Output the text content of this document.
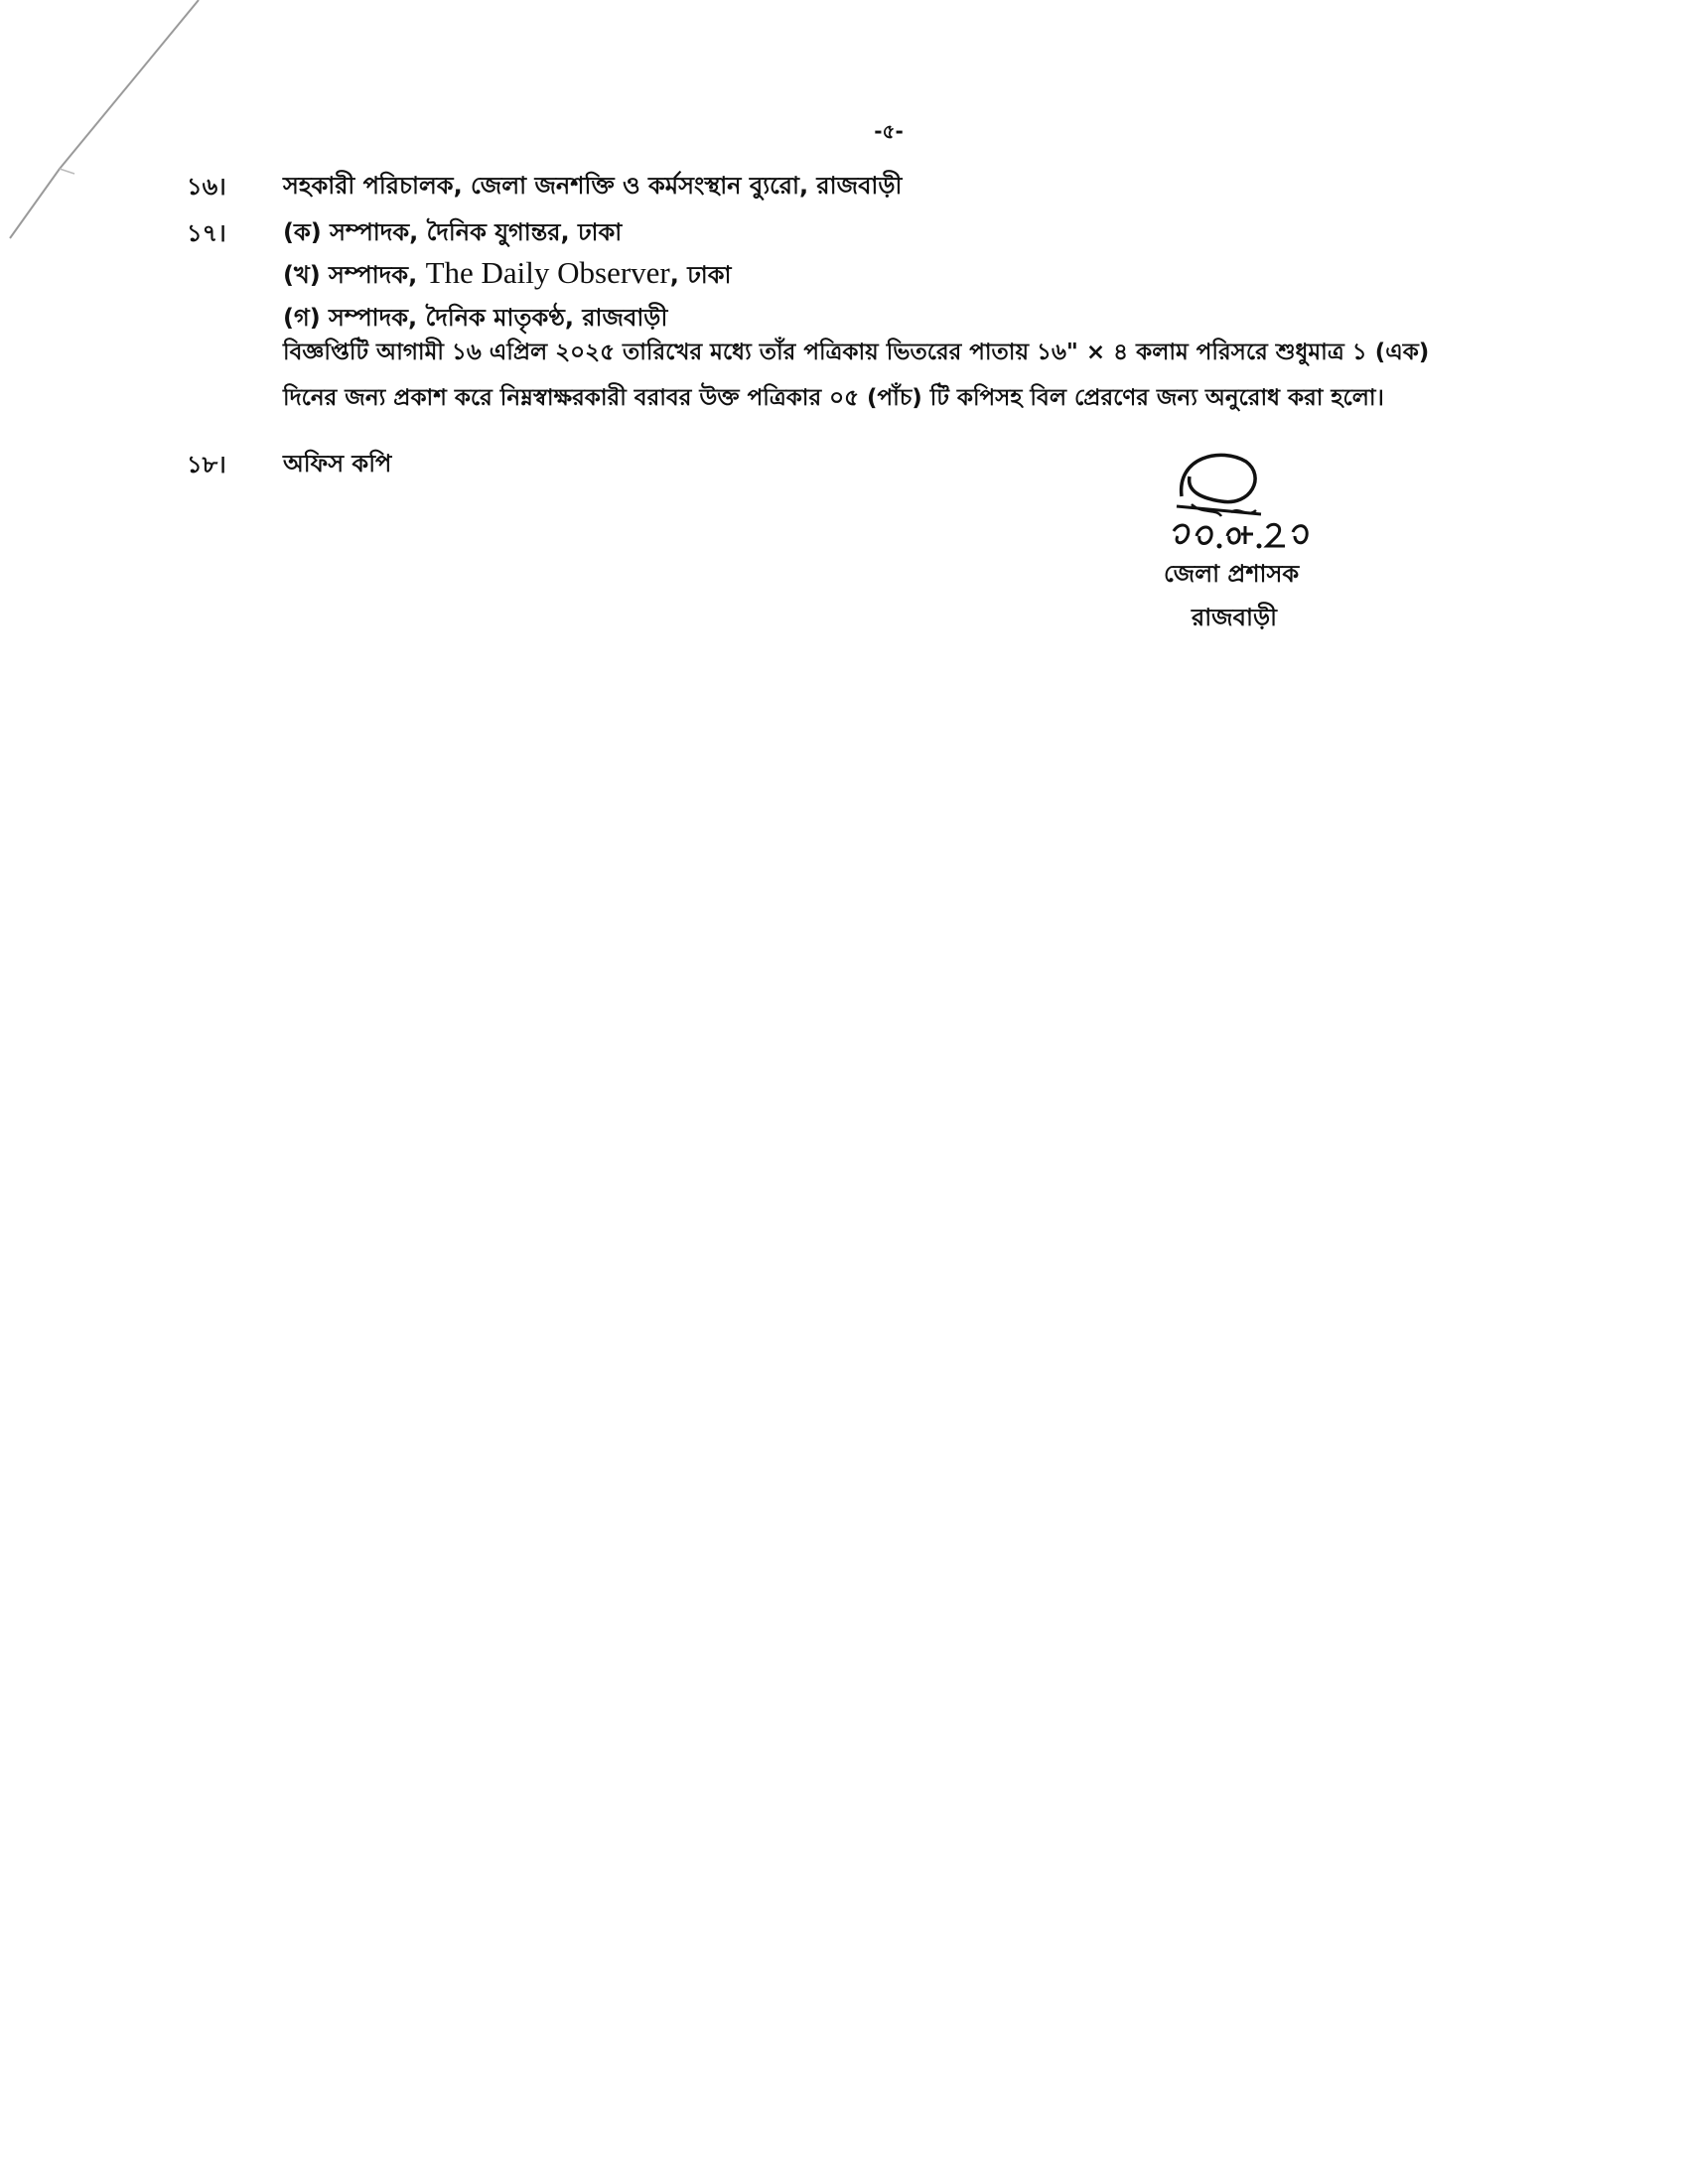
-৫-
১৬। সহকারী পরিচালক, জেলা জনশক্তি ও কর্মসংস্থান ব্যুরো, রাজবাড়ী
১৭। (ক) সম্পাদক, দৈনিক যুগান্তর, ঢাকা
(খ) সম্পাদক, The Daily Observer, ঢাকা
(গ) সম্পাদক, দৈনিক মাতৃকণ্ঠ, রাজবাড়ী
বিজ্ঞপ্তিটি আগামী ১৬ এপ্রিল ২০২৫ তারিখের মধ্যে তাঁর পত্রিকায় ভিতরের পাতায় ১৬" × ৪ কলাম পরিসরে শুধুমাত্র ১ (এক)
দিনের জন্য প্রকাশ করে নিম্নস্বাক্ষরকারী বরাবর উক্ত পত্রিকার ০৫ (পাঁচ) টি কপিসহ বিল প্রেরণের জন্য অনুরোধ করা হলো।
১৮। অফিস কপি
জেলা প্রশাসক
রাজবাড়ী
